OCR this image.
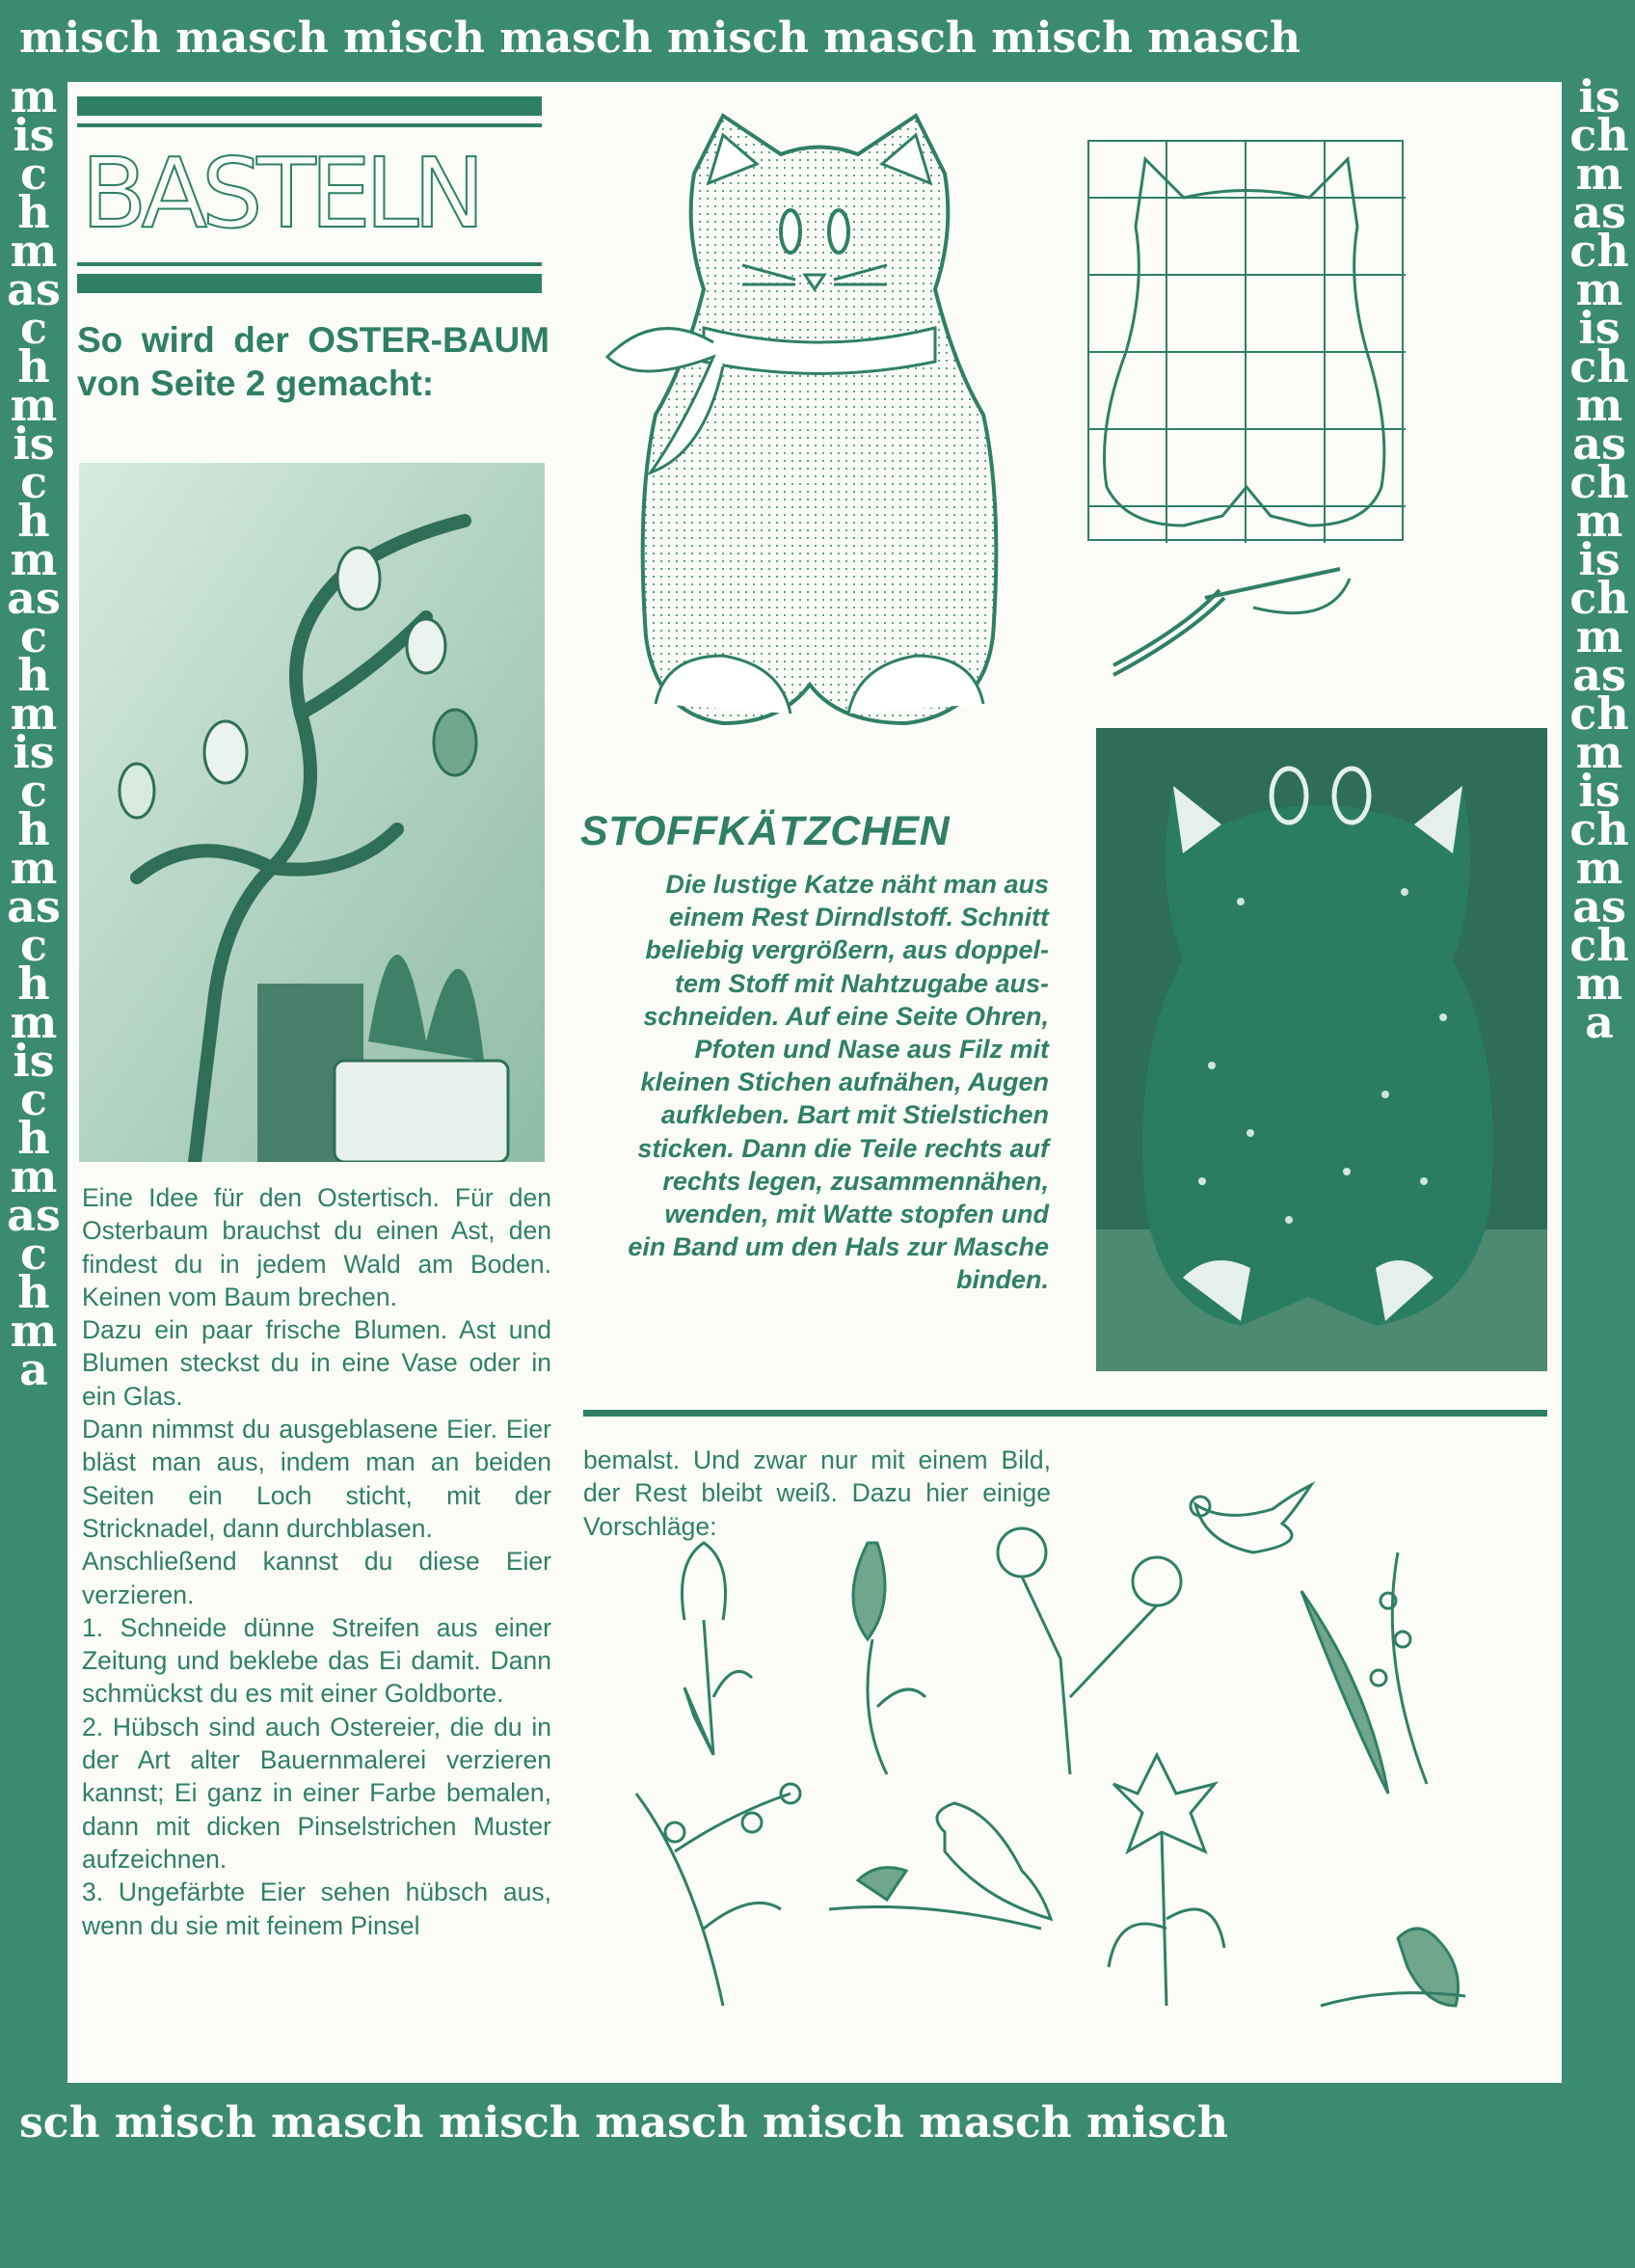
misch masch misch masch misch masch misch masch
mischmaschmischmaschmischmaschmischmaschma
ischmaschmischmaschmischmaschmischmaschma
sch misch masch misch masch misch masch misch
BASTELN
So wird der OSTER-BAUM von Seite 2 gemacht:

Eine Idee für den Ostertisch. Für den Osterbaum brauchst du einen Ast, den findest du in jedem Wald am Boden. Keinen vom Baum brechen.

Dazu ein paar frische Blumen. Ast und Blumen steckst du in eine Vase oder in ein Glas.

Dann nimmst du ausgeblasene Eier. Eier bläst man aus, indem man an beiden Seiten ein Loch sticht, mit der Stricknadel, dann durchblasen.

Anschließend kannst du diese Eier verzieren.

1. Schneide dünne Streifen aus einer Zeitung und beklebe das Ei damit. Dann schmückst du es mit einer Goldborte.

2. Hübsch sind auch Ostereier, die du in der Art alter Bauernmalerei verzieren kannst; Ei ganz in einer Farbe bemalen, dann mit dicken Pinselstrichen Muster aufzeichnen.

3. Ungefärbte Eier sehen hübsch aus, wenn du sie mit feinem Pinsel

STOFFKÄTZCHEN
Die lustige Katze näht man aus
einem Rest Dirndlstoff. Schnitt
beliebig vergrößern, aus doppel-
tem Stoff mit Nahtzugabe aus-
schneiden. Auf eine Seite Ohren,
Pfoten und Nase aus Filz mit
kleinen Stichen aufnähen, Augen
aufkleben. Bart mit Stielstichen
sticken. Dann die Teile rechts auf
rechts legen, zusammennähen,
wenden, mit Watte stopfen und
ein Band um den Hals zur Masche
binden.
bemalst. Und zwar nur mit einem Bild, der Rest bleibt weiß. Dazu hier einige Vorschläge:
